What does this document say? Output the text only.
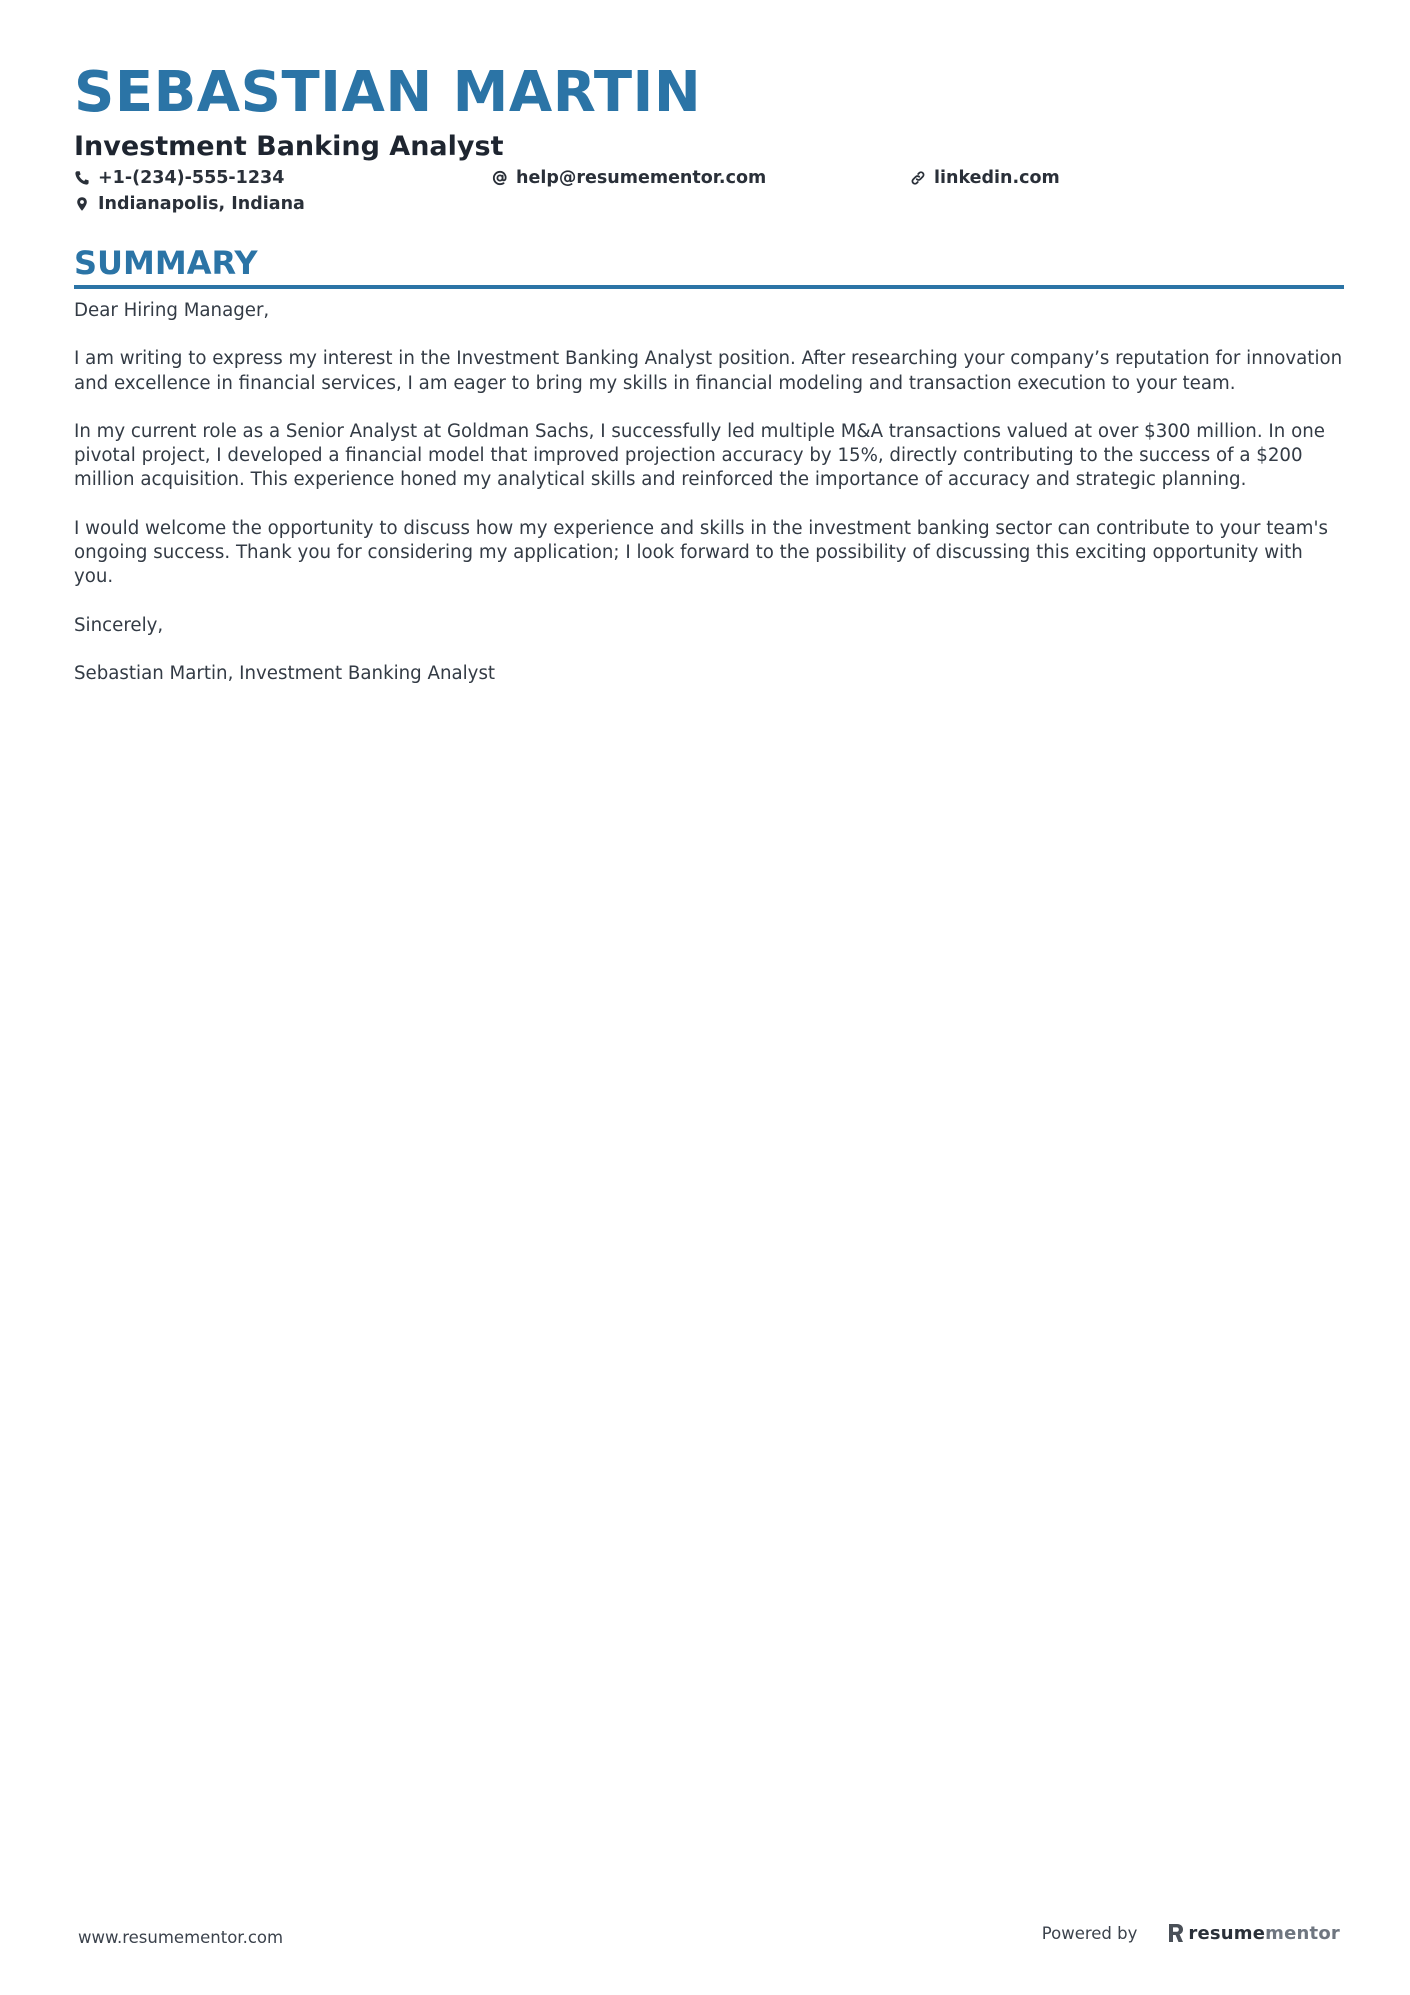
SEBASTIAN MARTIN
Investment Banking Analyst
+1-(234)-555-1234	help@resumementor.com	linkedin.com
Indianapolis, Indiana
SUMMARY

Dear Hiring Manager,

I am writing to express my interest in the Investment Banking Analyst position. After researching your company’s reputation for innovation and excellence in financial services, I am eager to bring my skills in financial modeling and transaction execution to your team.

In my current role as a Senior Analyst at Goldman Sachs, I successfully led multiple M&A transactions valued at over $300 million. In one pivotal project, I developed a financial model that improved projection accuracy by 15%, directly contributing to the success of a $200 million acquisition. This experience honed my analytical skills and reinforced the importance of accuracy and strategic planning.

I would welcome the opportunity to discuss how my experience and skills in the investment banking sector can contribute to your team's ongoing success. Thank you for considering my application; I look forward to the possibility of discussing this exciting opportunity with you.

Sincerely,

Sebastian Martin, Investment Banking Analyst

www.resumementor.com	Powered by	resumementor
